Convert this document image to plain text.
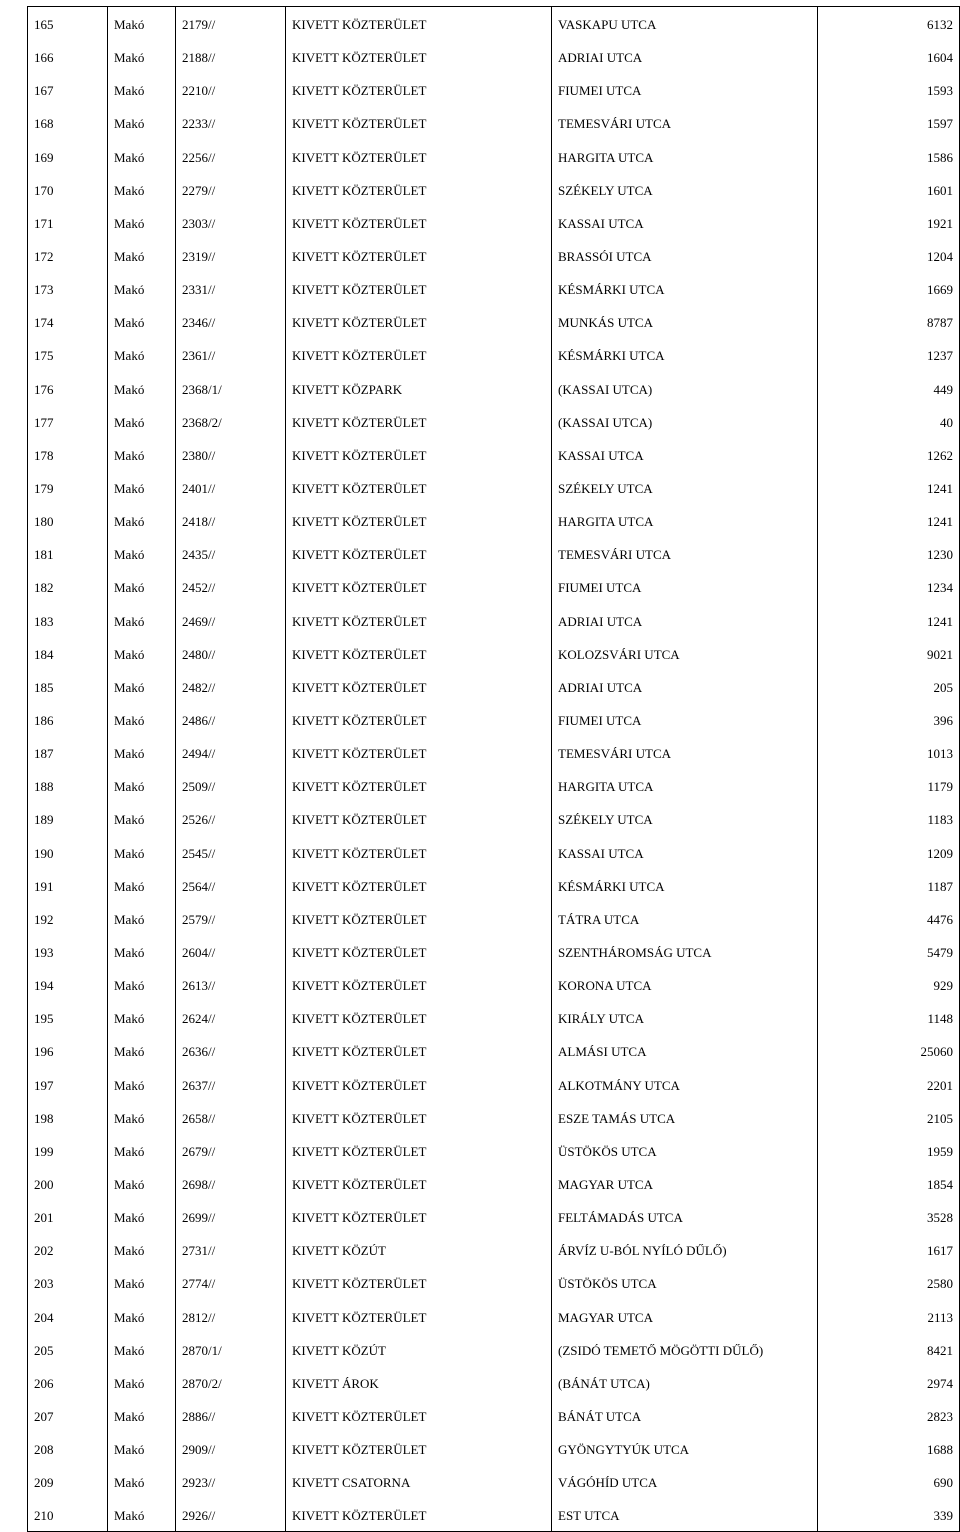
165	Makó	2179//	KIVETT KÖZTERÜLET	VASKAPU UTCA	6132
166	Makó	2188//	KIVETT KÖZTERÜLET	ADRIAI UTCA	1604
167	Makó	2210//	KIVETT KÖZTERÜLET	FIUMEI UTCA	1593
168	Makó	2233//	KIVETT KÖZTERÜLET	TEMESVÁRI UTCA	1597
169	Makó	2256//	KIVETT KÖZTERÜLET	HARGITA UTCA	1586
170	Makó	2279//	KIVETT KÖZTERÜLET	SZÉKELY UTCA	1601
171	Makó	2303//	KIVETT KÖZTERÜLET	KASSAI UTCA	1921
172	Makó	2319//	KIVETT KÖZTERÜLET	BRASSÓI UTCA	1204
173	Makó	2331//	KIVETT KÖZTERÜLET	KÉSMÁRKI UTCA	1669
174	Makó	2346//	KIVETT KÖZTERÜLET	MUNKÁS UTCA	8787
175	Makó	2361//	KIVETT KÖZTERÜLET	KÉSMÁRKI UTCA	1237
176	Makó	2368/1/	KIVETT KÖZPARK	(KASSAI UTCA)	449
177	Makó	2368/2/	KIVETT KÖZTERÜLET	(KASSAI UTCA)	40
178	Makó	2380//	KIVETT KÖZTERÜLET	KASSAI UTCA	1262
179	Makó	2401//	KIVETT KÖZTERÜLET	SZÉKELY UTCA	1241
180	Makó	2418//	KIVETT KÖZTERÜLET	HARGITA UTCA	1241
181	Makó	2435//	KIVETT KÖZTERÜLET	TEMESVÁRI UTCA	1230
182	Makó	2452//	KIVETT KÖZTERÜLET	FIUMEI UTCA	1234
183	Makó	2469//	KIVETT KÖZTERÜLET	ADRIAI UTCA	1241
184	Makó	2480//	KIVETT KÖZTERÜLET	KOLOZSVÁRI UTCA	9021
185	Makó	2482//	KIVETT KÖZTERÜLET	ADRIAI UTCA	205
186	Makó	2486//	KIVETT KÖZTERÜLET	FIUMEI UTCA	396
187	Makó	2494//	KIVETT KÖZTERÜLET	TEMESVÁRI UTCA	1013
188	Makó	2509//	KIVETT KÖZTERÜLET	HARGITA UTCA	1179
189	Makó	2526//	KIVETT KÖZTERÜLET	SZÉKELY UTCA	1183
190	Makó	2545//	KIVETT KÖZTERÜLET	KASSAI UTCA	1209
191	Makó	2564//	KIVETT KÖZTERÜLET	KÉSMÁRKI UTCA	1187
192	Makó	2579//	KIVETT KÖZTERÜLET	TÁTRA UTCA	4476
193	Makó	2604//	KIVETT KÖZTERÜLET	SZENTHÁROMSÁG UTCA	5479
194	Makó	2613//	KIVETT KÖZTERÜLET	KORONA UTCA	929
195	Makó	2624//	KIVETT KÖZTERÜLET	KIRÁLY UTCA	1148
196	Makó	2636//	KIVETT KÖZTERÜLET	ALMÁSI UTCA	25060
197	Makó	2637//	KIVETT KÖZTERÜLET	ALKOTMÁNY UTCA	2201
198	Makó	2658//	KIVETT KÖZTERÜLET	ESZE TAMÁS UTCA	2105
199	Makó	2679//	KIVETT KÖZTERÜLET	ÜSTÖKÖS UTCA	1959
200	Makó	2698//	KIVETT KÖZTERÜLET	MAGYAR UTCA	1854
201	Makó	2699//	KIVETT KÖZTERÜLET	FELTÁMADÁS UTCA	3528
202	Makó	2731//	KIVETT KÖZÚT	ÁRVÍZ U-BÓL NYÍLÓ DŰLŐ)	1617
203	Makó	2774//	KIVETT KÖZTERÜLET	ÜSTÖKÖS UTCA	2580
204	Makó	2812//	KIVETT KÖZTERÜLET	MAGYAR UTCA	2113
205	Makó	2870/1/	KIVETT KÖZÚT	(ZSIDÓ TEMETŐ MÖGÖTTI DŰLŐ)	8421
206	Makó	2870/2/	KIVETT ÁROK	(BÁNÁT UTCA)	2974
207	Makó	2886//	KIVETT KÖZTERÜLET	BÁNÁT UTCA	2823
208	Makó	2909//	KIVETT KÖZTERÜLET	GYÖNGYTYÚK UTCA	1688
209	Makó	2923//	KIVETT CSATORNA	VÁGÓHÍD UTCA	690
210	Makó	2926//	KIVETT KÖZTERÜLET	EST UTCA	339
